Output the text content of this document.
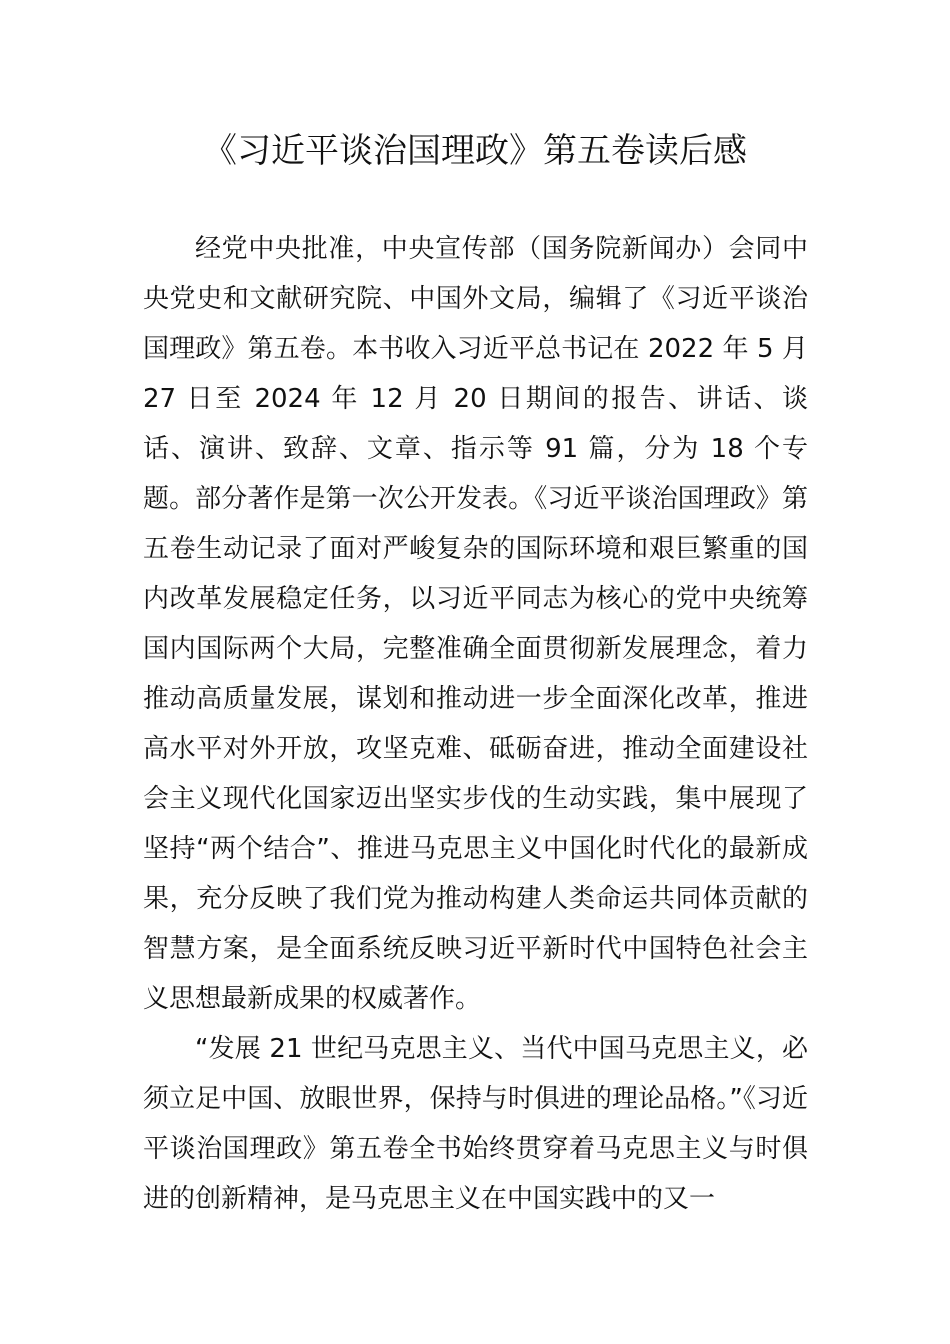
《习近平谈治国理政》第五卷读后感

经党中央批准，中央宣传部（国务院新闻办）会同中央党史和文献研究院、中国外文局，编辑了《习近平谈治国理政》第五卷。本书收入习近平总书记在 2022 年 5 月 27 日至 2024 年 12 月 20 日期间的报告、讲话、谈话、演讲、致辞、文章、指示等 91 篇，分为 18 个专题。部分著作是第一次公开发表。《习近平谈治国理政》第五卷生动记录了面对严峻复杂的国际环境和艰巨繁重的国内改革发展稳定任务，以习近平同志为核心的党中央统筹国内国际两个大局，完整准确全面贯彻新发展理念，着力推动高质量发展，谋划和推动进一步全面深化改革，推进高水平对外开放，攻坚克难、砥砺奋进，推动全面建设社会主义现代化国家迈出坚实步伐的生动实践，集中展现了坚持“两个结合”、推进马克思主义中国化时代化的最新成果，充分反映了我们党为推动构建人类命运共同体贡献的智慧方案，是全面系统反映习近平新时代中国特色社会主义思想最新成果的权威著作。

“发展 21 世纪马克思主义、当代中国马克思主义，必须立足中国、放眼世界，保持与时俱进的理论品格。”《习近平谈治国理政》第五卷全书始终贯穿着马克思主义与时俱进的创新精神，是马克思主义在中国实践中的又一
